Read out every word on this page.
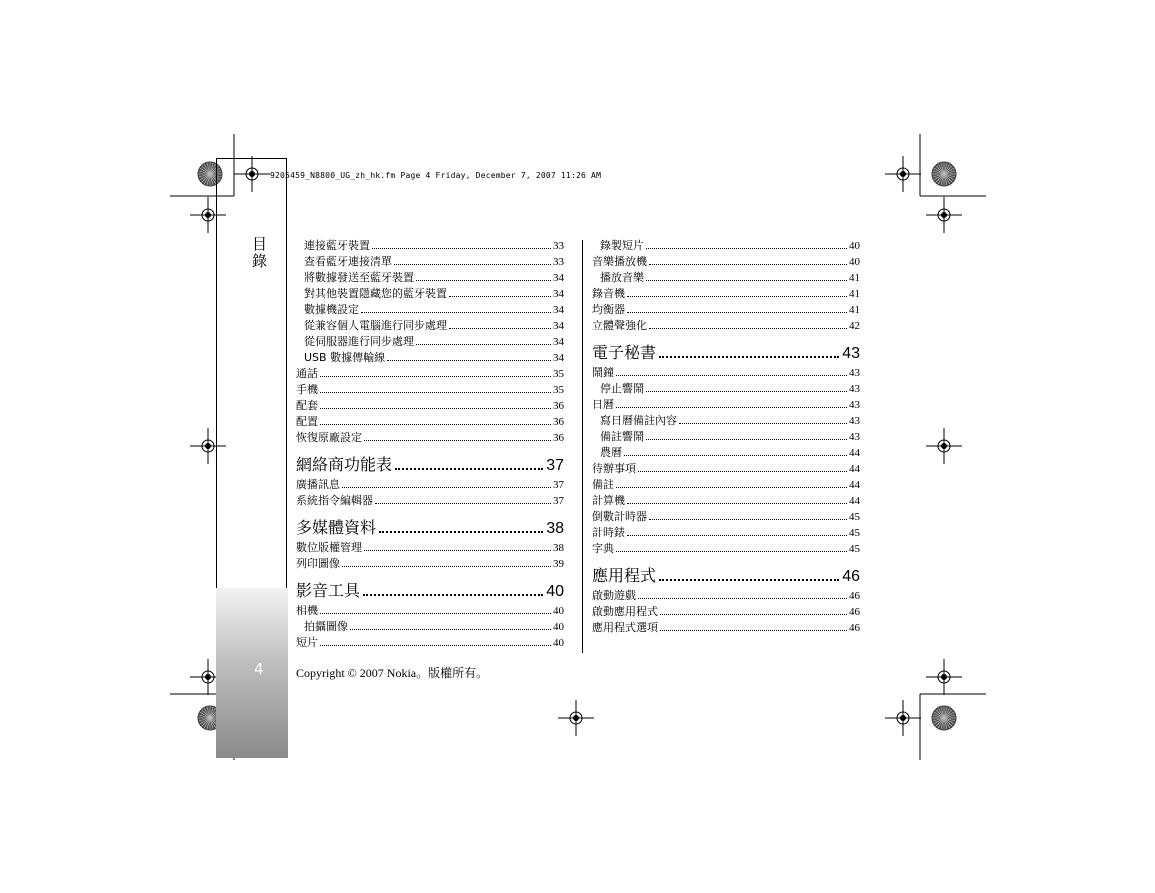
9205459_N8800_UG_zh_hk.fm Page 4 Friday, December 7, 2007 11:26 AM
目錄
4
連接藍牙裝置	33
查看藍牙連接清單	33
將數據發送至藍牙裝置	34
對其他裝置隱藏您的藍牙裝置	34
數據機設定	34
從兼容個人電腦進行同步處理	34
從伺服器進行同步處理	34
USB 數據傳輸線	34
通話	35
手機	35
配套	36
配置	36
恢復原廠設定	36
網絡商功能表	37
廣播訊息	37
系統指令編輯器	37
多媒體資料	38
數位版權管理	38
列印圖像	39
影音工具	40
相機	40
拍攝圖像	40
短片	40
錄製短片	40
音樂播放機	40
播放音樂	41
錄音機	41
均衡器	41
立體聲強化	42
電子秘書	43
鬧鐘	43
停止響鬧	43
日曆	43
寫日曆備註內容	43
備註響鬧	43
農曆	44
待辦事項	44
備註	44
計算機	44
倒數計時器	45
計時錶	45
字典	45
應用程式	46
啟動遊戲	46
啟動應用程式	46
應用程式選項	46
Copyright © 2007 Nokia。版權所有。
